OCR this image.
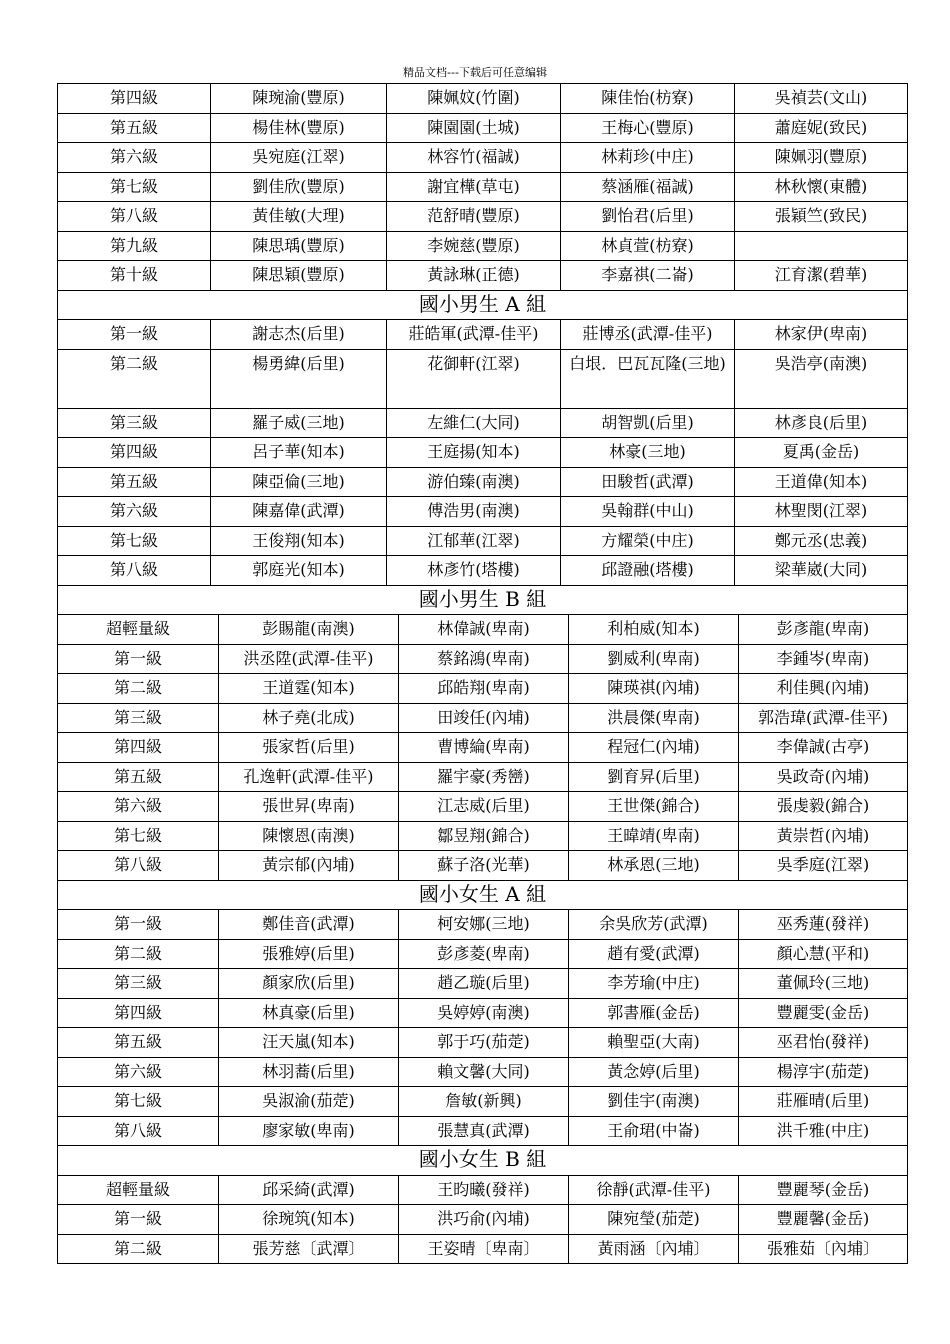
精品文档---下载后可任意编辑
第四級	陳琬渝(豐原)	陳姵妏(竹圍)	陳佳怡(枋寮)	吳禎芸(文山)
第五級	楊佳林(豐原)	陳園園(土城)	王梅心(豐原)	蕭庭妮(致民)
第六級	吳宛庭(江翠)	林容竹(福誠)	林莉珍(中庄)	陳姵羽(豐原)
第七級	劉佳欣(豐原)	謝宜樺(草屯)	蔡涵雁(福誠)	林秋懷(東體)
第八級	黃佳敏(大理)	范舒晴(豐原)	劉怡君(后里)	張穎竺(致民)
第九級	陳思瑀(豐原)	李婉慈(豐原)	林貞萱(枋寮)	
第十級	陳思穎(豐原)	黃詠琳(正德)	李嘉祺(二崙)	江育潔(碧華)
國小男生 A 組				
第一級	謝志杰(后里)	莊皓軍(武潭-佳平)	莊博丞(武潭-佳平)	林家伊(卑南)
第二級	楊勇緯(后里)	花御軒(江翠)	白垠．巴瓦瓦隆(三地)	吳浩亭(南澳)
第三級	羅子威(三地)	左維仁(大同)	胡智凱(后里)	林彥良(后里)
第四級	呂子華(知本)	王庭揚(知本)	林豪(三地)	夏禹(金岳)
第五級	陳亞倫(三地)	游伯臻(南澳)	田駿哲(武潭)	王道偉(知本)
第六級	陳嘉偉(武潭)	傅浩男(南澳)	吳翰群(中山)	林聖閔(江翠)
第七級	王俊翔(知本)	江郁華(江翠)	方耀榮(中庄)	鄭元丞(忠義)
第八級	郭庭光(知本)	林彥竹(塔樓)	邱證融(塔樓)	梁華崴(大同)
國小男生 B 組				
超輕量級	彭賜龍(南澳)	林偉誠(卑南)	利柏威(知本)	彭彥龍(卑南)
第一級	洪丞陞(武潭-佳平)	蔡銘鴻(卑南)	劉威利(卑南)	李鍾岑(卑南)
第二級	王道霆(知本)	邱皓翔(卑南)	陳瑛祺(內埔)	利佳興(內埔)
第三級	林子堯(北成)	田竣任(內埔)	洪晨傑(卑南)	郭浩瑋(武潭-佳平)
第四級	張家哲(后里)	曹博綸(卑南)	程冠仁(內埔)	李偉誠(古亭)
第五級	孔逸軒(武潭-佳平)	羅宇豪(秀巒)	劉育昇(后里)	吳政奇(內埔)
第六級	張世昇(卑南)	江志威(后里)	王世傑(錦合)	張虔毅(錦合)
第七級	陳懷恩(南澳)	鄒昱翔(錦合)	王暐靖(卑南)	黃崇哲(內埔)
第八級	黃宗郁(內埔)	蘇子洛(光華)	林承恩(三地)	吳季庭(江翠)
國小女生 A 組				
第一級	鄭佳音(武潭)	柯安娜(三地)	余吳欣芳(武潭)	巫秀蓮(發祥)
第二級	張雅婷(后里)	彭彥菱(卑南)	趙有愛(武潭)	顏心慧(平和)
第三級	顏家欣(后里)	趙乙璇(后里)	李芳瑜(中庄)	董佩玲(三地)
第四級	林真豪(后里)	吳婷婷(南澳)	郭書雁(金岳)	豐麗雯(金岳)
第五級	汪天嵐(知本)	郭于巧(茄萣)	賴聖亞(大南)	巫君怡(發祥)
第六級	林羽蕎(后里)	賴文馨(大同)	黃念婷(后里)	楊淳宇(茄萣)
第七級	吳淑渝(茄萣)	詹敏(新興)	劉佳宇(南澳)	莊雁晴(后里)
第八級	廖家敏(卑南)	張慧真(武潭)	王俞珺(中崙)	洪千雅(中庄)
國小女生 B 組				
超輕量級	邱采綺(武潭)	王昀曦(發祥)	徐靜(武潭-佳平)	豐麗琴(金岳)
第一級	徐琬筑(知本)	洪巧俞(內埔)	陳宛瑩(茄萣)	豐麗馨(金岳)
第二級	張芳慈〔武潭〕	王姿晴〔卑南〕	黃雨涵〔內埔〕	張雅茹〔內埔〕
